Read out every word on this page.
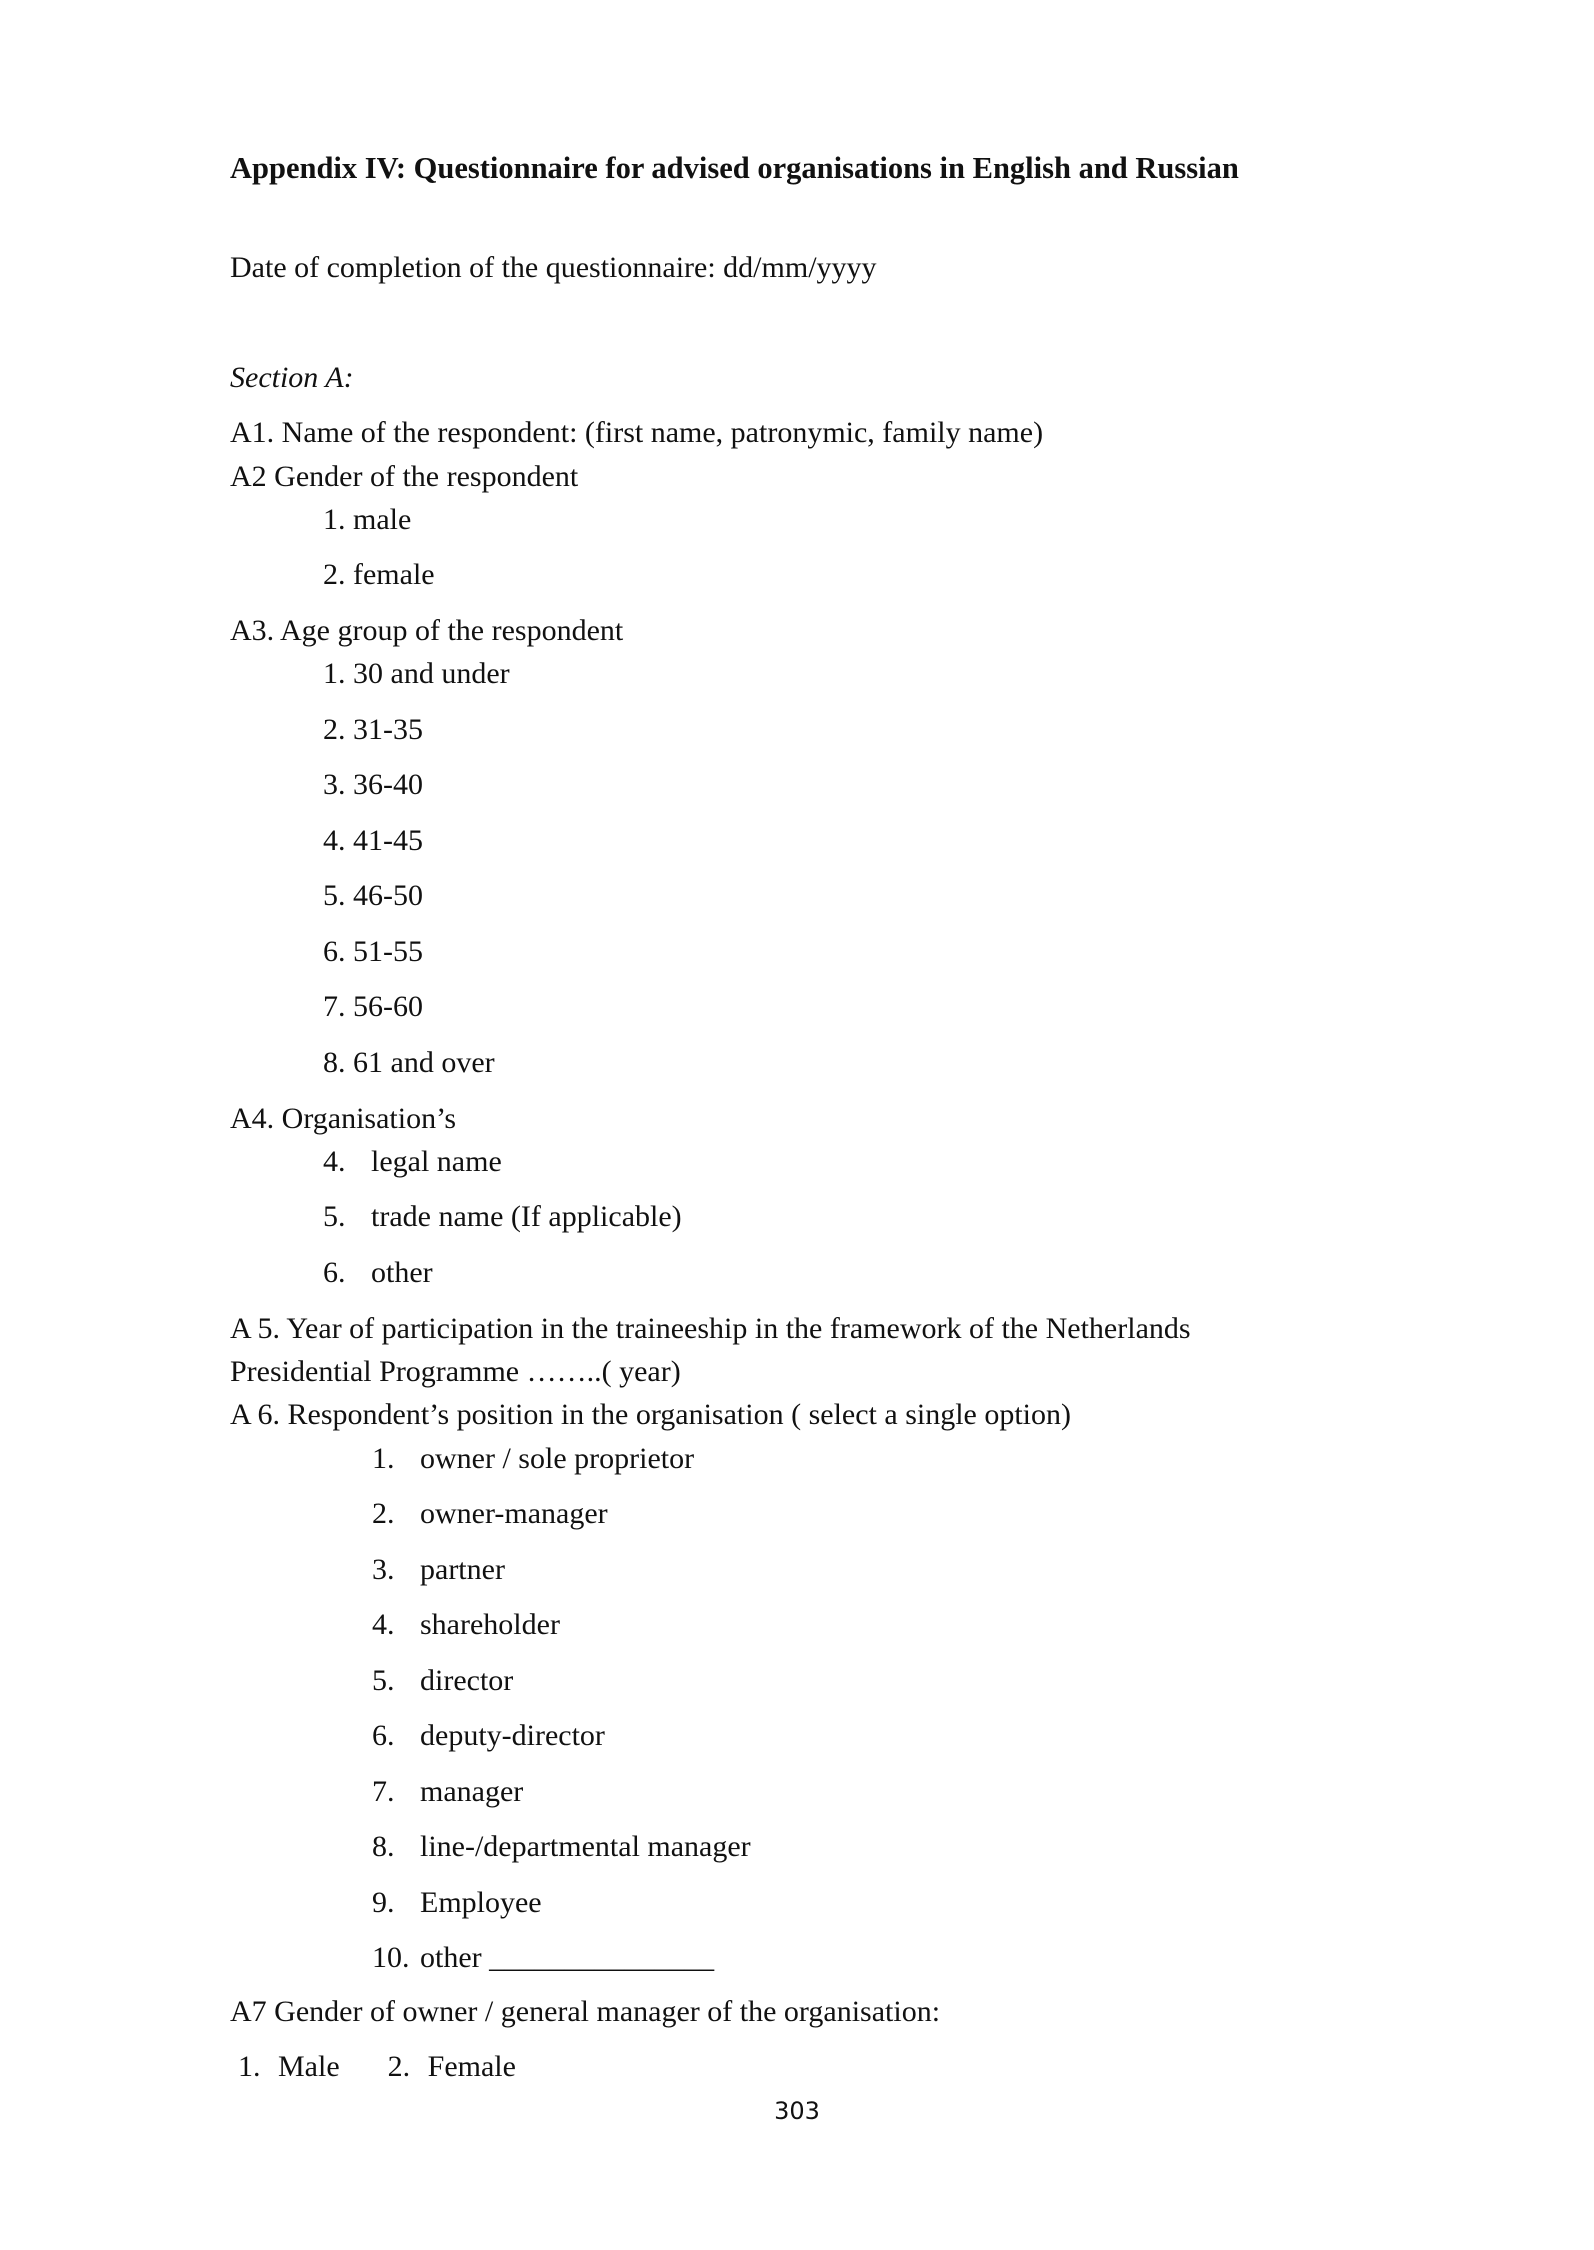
Appendix IV: Questionnaire for advised organisations in English and Russian
Date of completion of the questionnaire: dd/mm/yyyy
Section A:
A1. Name of the respondent: (first name, patronymic, family name)
A2 Gender of the respondent
1. male
2. female
A3. Age group of the respondent
1. 30 and under
2. 31-35
3. 36-40
4. 41-45
5. 46-50
6. 51-55
7. 56-60
8. 61 and over
A4. Organisation’s
4. legal name
5. trade name (If applicable)
6. other
A 5. Year of participation in the traineeship in the framework of the Netherlands
Presidential Programme ……..( year)
A 6. Respondent’s position in the organisation ( select a single option)
1. owner / sole proprietor
2. owner-manager
3. partner
4. shareholder
5. director
6. deputy-director
7. manager
8. line-/departmental manager
9. Employee
10. other _______________
A7 Gender of owner / general manager of the organisation:
1. Male 2. Female
303
